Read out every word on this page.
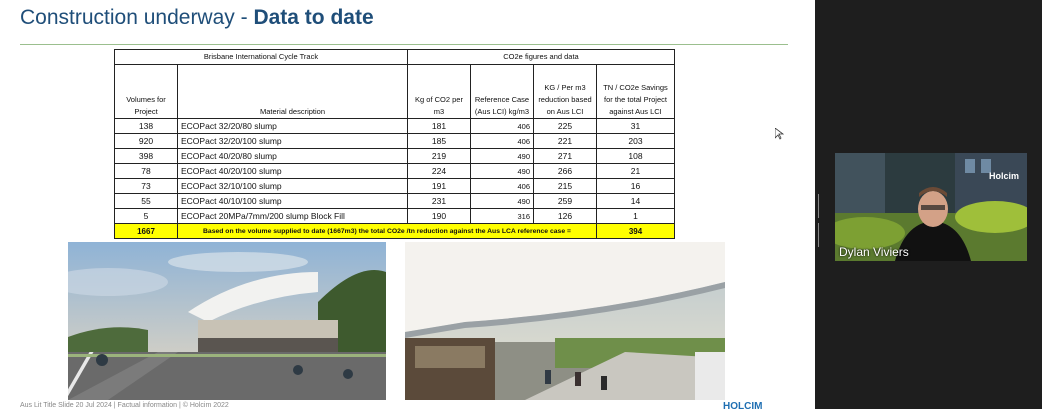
Construction underway - Data to date
Brisbane International Cycle Track		CO2e figures and data			
Volumes for Project	Material description	Kg of CO2 per m3	Reference Case (Aus LCI) kg/m3	KG / Per m3 reduction based on Aus LCI	TN / CO2e Savings for the total Project against Aus LCI
138	ECOPact 32/20/80 slump	181	406	225	31
920	ECOPact 32/20/100 slump	185	406	221	203
398	ECOPact 40/20/80 slump	219	490	271	108
78	ECOPact 40/20/100 slump	224	490	266	21
73	ECOPact 32/10/100 slump	191	406	215	16
55	ECOPact 40/10/100 slump	231	490	259	14
5	ECOPact 20MPa/7mm/200 slump Block Fill	190	316	126	1
1667	Based on the volume supplied to date (1667m3) the total CO2e /tn reduction against the Aus LCA reference case =				394
Aus Lit Title Slide 20 Jul 2024 | Factual information | © Holcim 2022	HOLCIM
Holcim
Dylan Viviers
